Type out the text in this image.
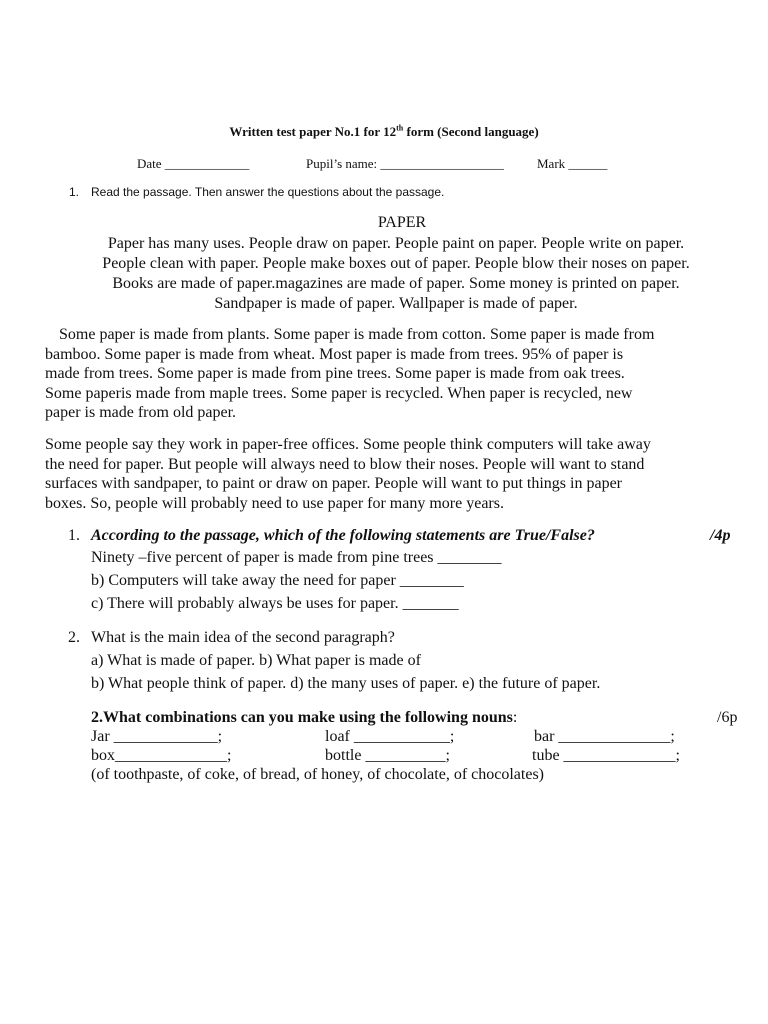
Written test paper No.1 for 12th form (Second language)
Date _____________	Pupil’s name: ___________________	Mark ______
1. Read the passage. Then answer the questions about the passage.
PAPER
Paper has many uses. People draw on paper. People paint on paper. People write on paper.
People clean with paper. People make boxes out of paper. People blow their noses on paper.
Books are made of paper.magazines are made of paper. Some money is printed on paper.
Sandpaper is made of paper. Wallpaper is made of paper.
Some paper is made from plants. Some paper is made from cotton. Some paper is made from
bamboo. Some paper is made from wheat. Most paper is made from trees. 95% of paper is
made from trees. Some paper is made from pine trees. Some paper is made from oak trees.
Some paperis made from maple trees. Some paper is recycled. When paper is recycled, new
paper is made from old paper.
Some people say they work in paper-free offices. Some people think computers will take away
the need for paper. But people will always need to blow their noses. People will want to stand
surfaces with sandpaper, to paint or draw on paper. People will want to put things in paper
boxes. So, people will probably need to use paper for many more years.
1. According to the passage, which of the following statements are True/False?	/4p
Ninety –five percent of paper is made from pine trees ________
b) Computers will take away the need for paper ________
c) There will probably always be uses for paper. _______
2. What is the main idea of the second paragraph?
a) What is made of paper. b) What paper is made of
b) What people think of paper. d) the many uses of paper. e) the future of paper.
2.What combinations can you make using the following nouns:	/6p
Jar _____________;	loaf ____________;	bar ______________;
box______________;	bottle __________;	tube ______________;
(of toothpaste, of coke, of bread, of honey, of chocolate, of chocolates)
